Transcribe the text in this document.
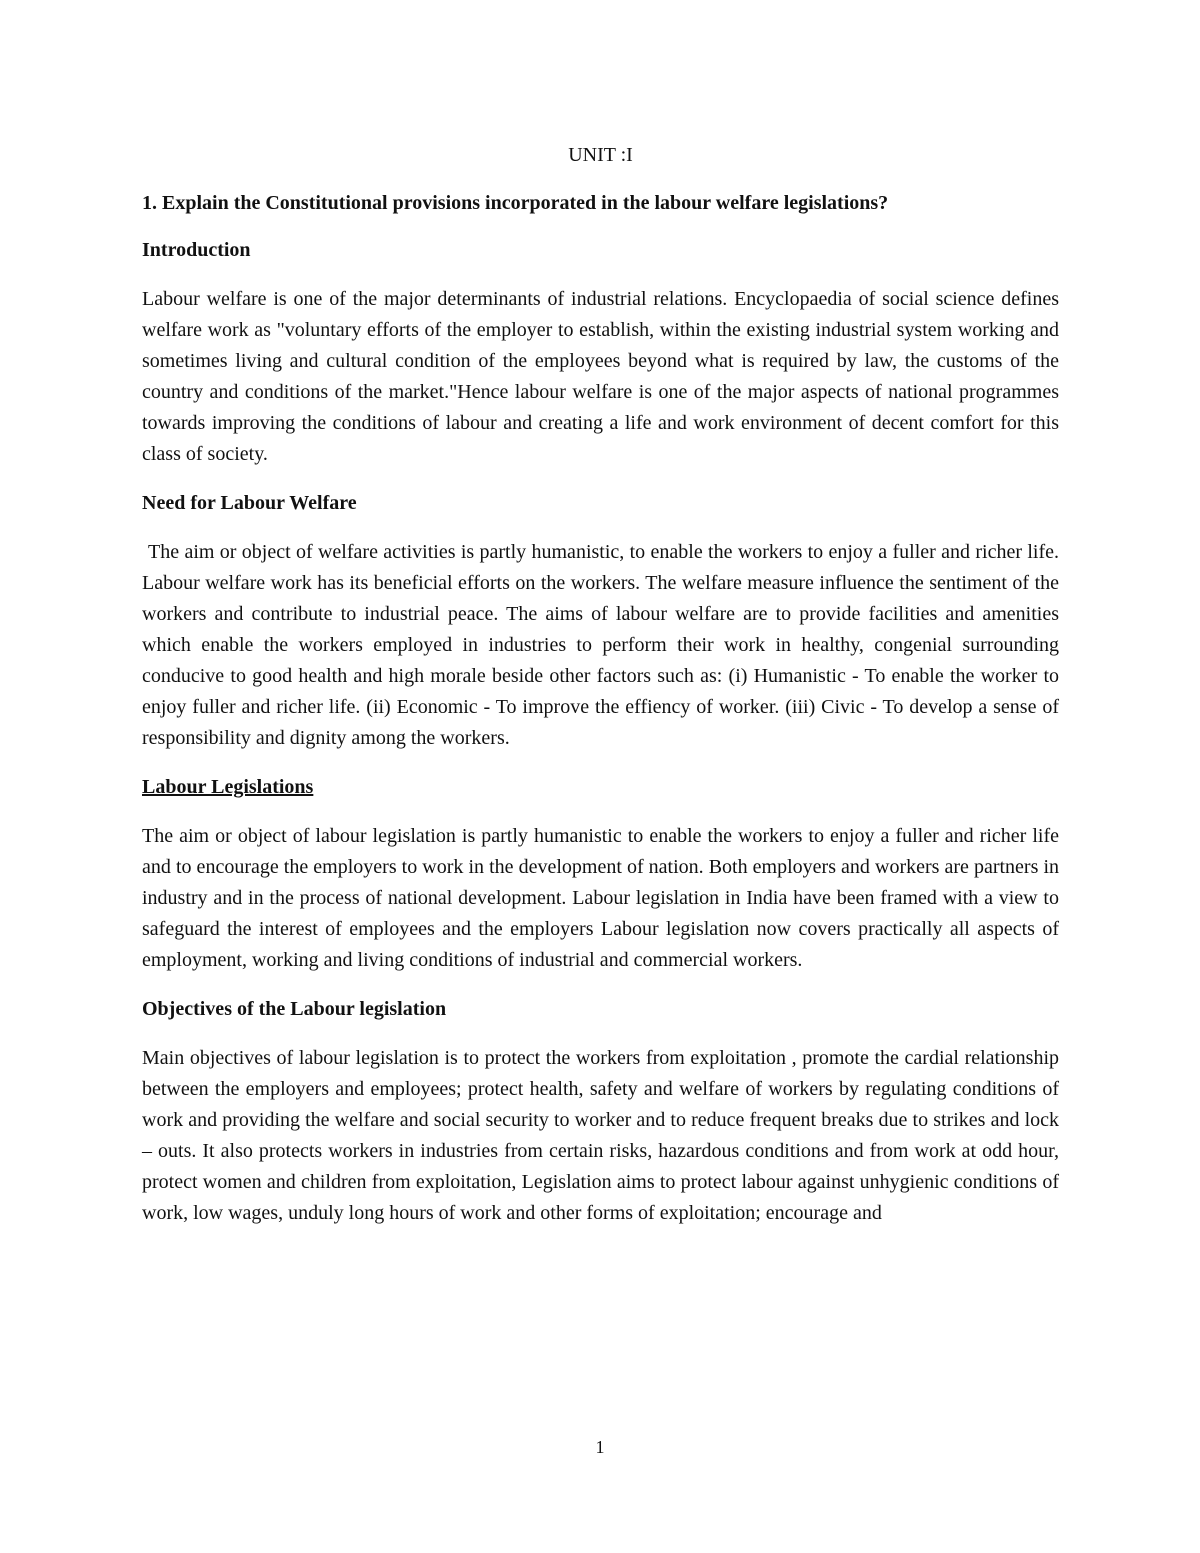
UNIT :I
1. Explain the Constitutional provisions incorporated in the labour welfare legislations?
Introduction

Labour welfare is one of the major determinants of industrial relations. Encyclopaedia of social science defines welfare work as "voluntary efforts of the employer to establish, within the existing industrial system working and sometimes living and cultural condition of the employees beyond what is required by law, the customs of the country and conditions of the market."Hence labour welfare is one of the major aspects of national programmes towards improving the conditions of labour and creating a life and work environment of decent comfort for this class of society.

Need for Labour Welfare

The aim or object of welfare activities is partly humanistic, to enable the workers to enjoy a fuller and richer life. Labour welfare work has its beneficial efforts on the workers. The welfare measure influence the sentiment of the workers and contribute to industrial peace. The aims of labour welfare are to provide facilities and amenities which enable the workers employed in industries to perform their work in healthy, congenial surrounding conducive to good health and high morale beside other factors such as: (i) Humanistic - To enable the worker to enjoy fuller and richer life. (ii) Economic - To improve the effiency of worker. (iii) Civic - To develop a sense of responsibility and dignity among the workers.

Labour Legislations

The aim or object of labour legislation is partly humanistic to enable the workers to enjoy a fuller and richer life and to encourage the employers to work in the development of nation. Both employers and workers are partners in industry and in the process of national development. Labour legislation in India have been framed with a view to safeguard the interest of employees and the employers Labour legislation now covers practically all aspects of employment, working and living conditions of industrial and commercial workers.

Objectives of the Labour legislation

Main objectives of labour legislation is to protect the workers from exploitation , promote the cardial relationship between the employers and employees; protect health, safety and welfare of workers by regulating conditions of work and providing the welfare and social security to worker and to reduce frequent breaks due to strikes and lock – outs. It also protects workers in industries from certain risks, hazardous conditions and from work at odd hour, protect women and children from exploitation, Legislation aims to protect labour against unhygienic conditions of work, low wages, unduly long hours of work and other forms of exploitation; encourage and

1
